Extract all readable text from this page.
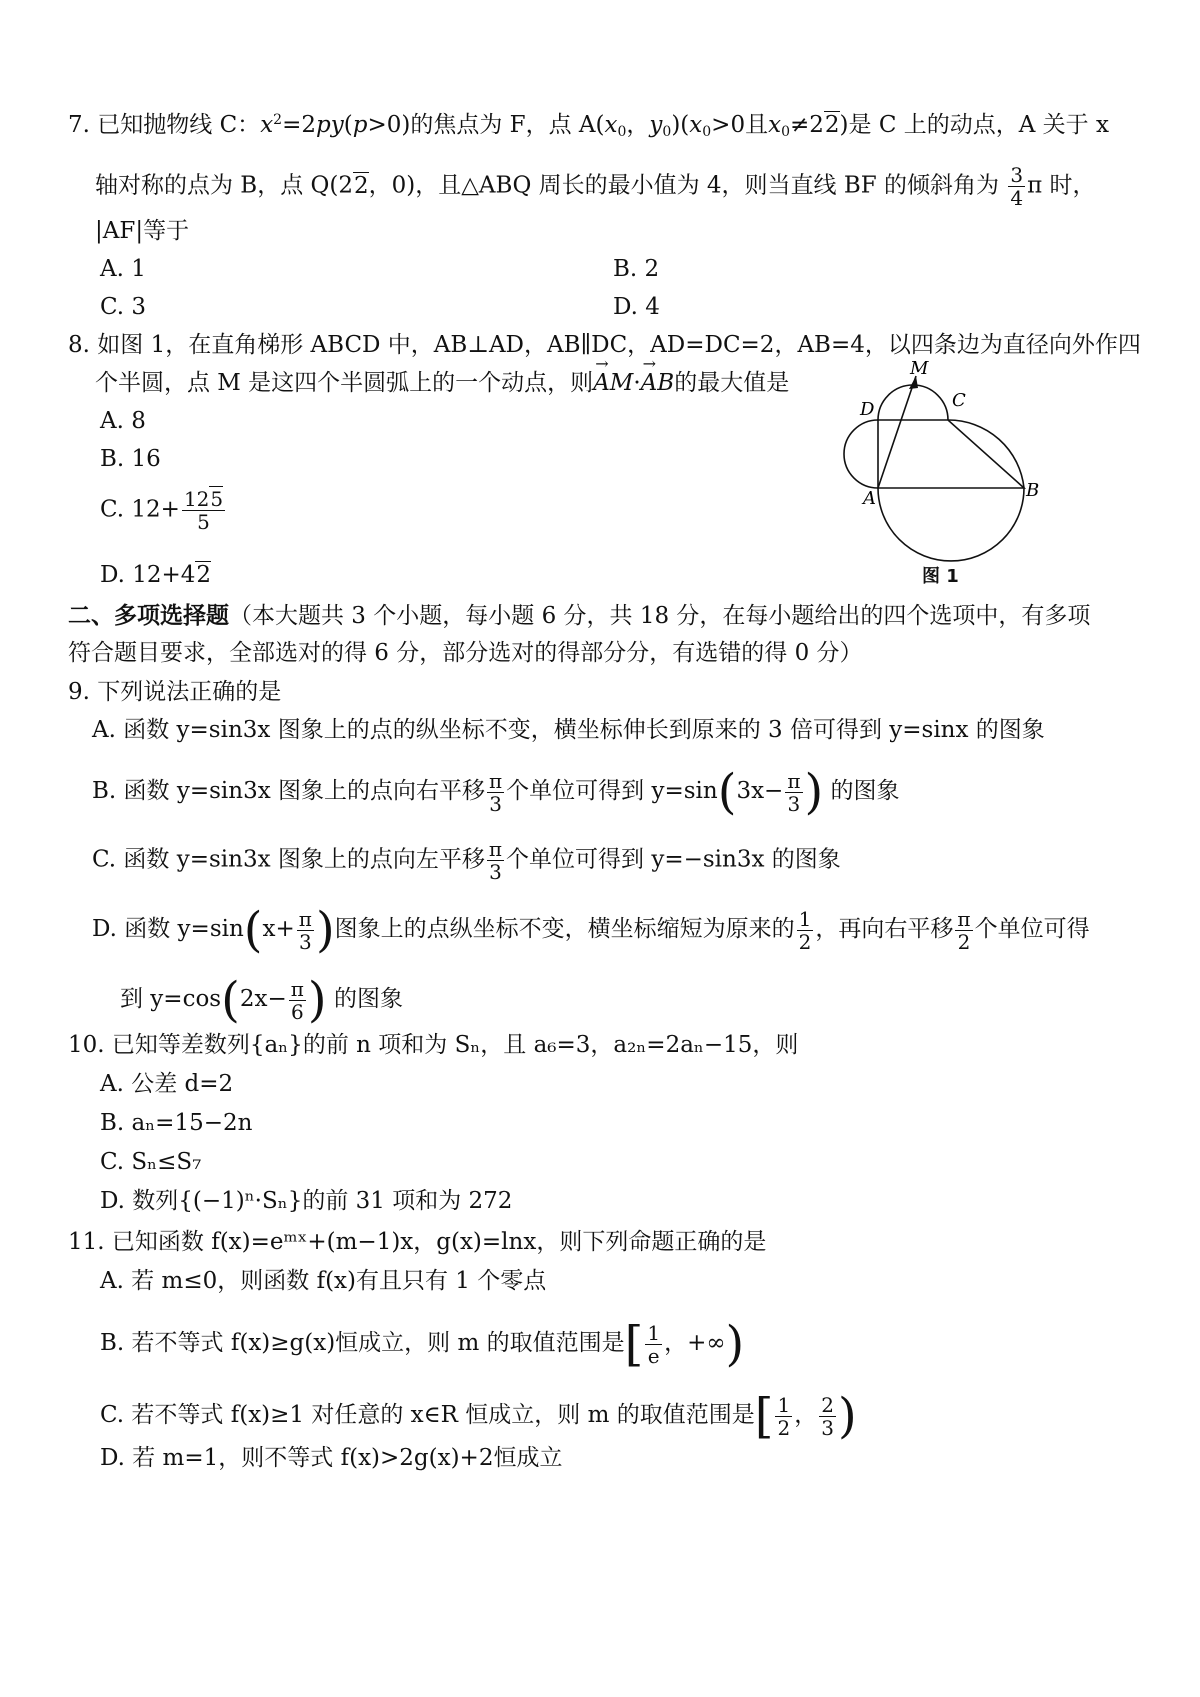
7. 已知抛物线 C：$x^2=2py(p>0)$的焦点为 F，点 $A(x_0$，$y_0)(x_0>0$且$x_0\ne 22$)是 C 上的动点，A 关于 x
轴对称的点为 B，点 Q(22，0)，且△ABQ 周长的最小值为 4，则当直线 BF 的倾斜角为 $\frac{3}{4}$ π 时，
|AF|等于
A. 1	B. 2
C. 3	D. 4
8. 如图 1，在直角梯形 ABCD 中，AB⊥AD，AB∥DC，AD=DC=2，AB=4，以四条边为直径向外作四
个半圆，点 M 是这四个半圆弧上的一个动点，则→ AM·→ AB的最大值是
A. 8
B. 16
C. $12+ \frac{125}{5}$
D. 12+42
M
C
D
A	B
图 1
二、多项选择题（本大题共 3 个小题，每小题 6 分，共 18 分，在每小题给出的四个选项中，有多项
符合题目要求，全部选对的得 6 分，部分选对的得部分分，有选错的得 0 分）
9. 下列说法正确的是
A. 函数 y=sin3x 图象上的点的纵坐标不变，横坐标伸长到原来的 3 倍可得到 y=sinx 的图象
B. 函数 y=sin3x 图象上的点向右平移 $\frac{\pi}{3}$ 个单位可得到 $y=\sin(3x- \frac{\pi}{3}$ ) 的图象
C. 函数 y=sin3x 图象上的点向左平移 $\frac{\pi}{3}$ 个单位可得到 y=−sin3x 的图象
D. 函数 $y=\sin(x+ \frac{\pi}{3}$ )图象上的点纵坐标不变，横坐标缩短为原来的 $\frac{1}{2}$ ，再向右平移 $\frac{\pi}{2}$ 个单位可得
到 $y=\cos(2x- \frac{\pi}{6}$ ) 的图象
10. 已知等差数列{aₙ}的前 n 项和为 Sₙ，且 a₆=3，a₂ₙ=2aₙ−15，则
A. 公差 d=2
B. aₙ=15−2n
C. Sₙ≤S₇
D. 数列{(−1)ⁿ·Sₙ}的前 31 项和为 272
11. 已知函数 f(x)=eᵐˣ+(m−1)x，g(x)=lnx，则下列命题正确的是
A. 若 m≤0，则函数 f(x)有且只有 1 个零点
B. 若不等式 f(x)≥g(x)恒成立，则 m 的取值范围是[ $\frac{1}{e}$ ，+∞)
C. 若不等式 f(x)≥1 对任意的 x∈R 恒成立，则 m 的取值范围是[ $\frac{1}{2}$ ， $\frac{2}{3}$ )
D. 若 m=1，则不等式 f(x)>2g(x)+2恒成立
